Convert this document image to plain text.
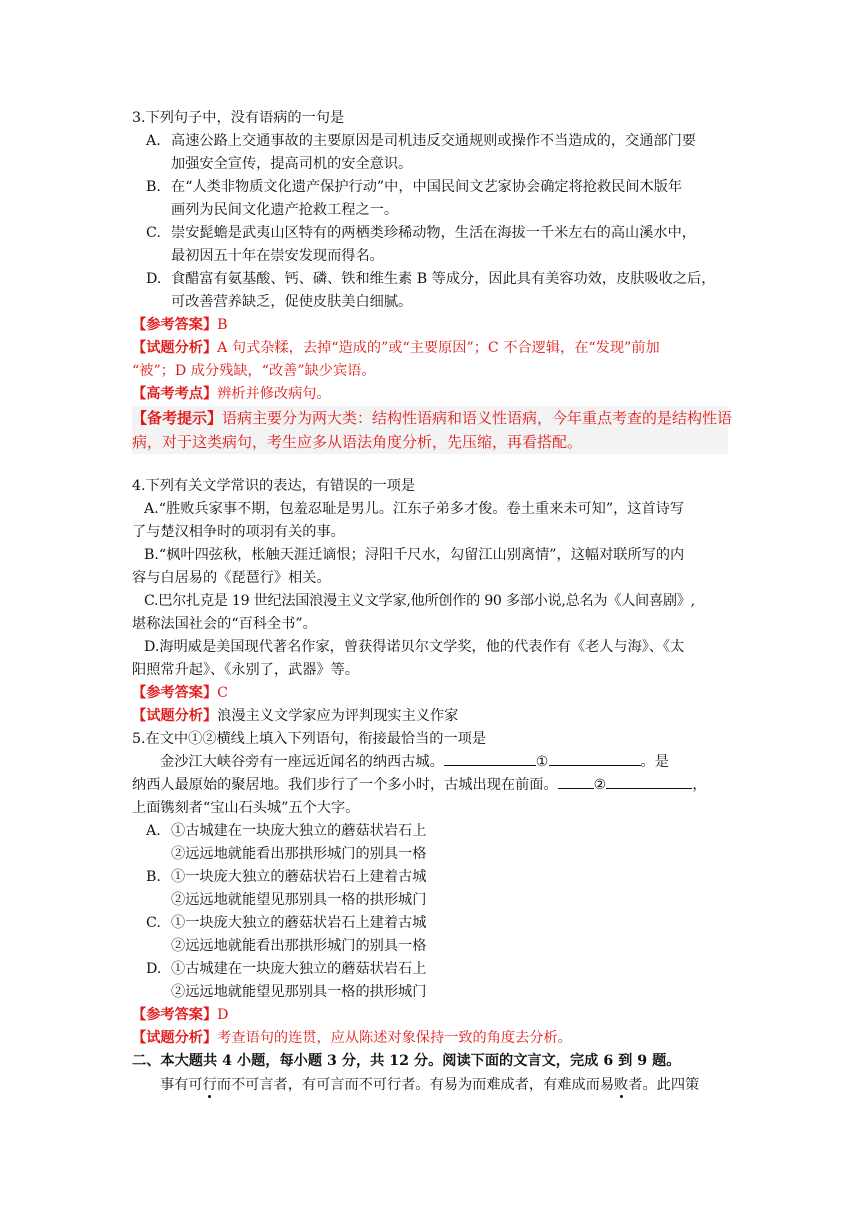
3.下列句子中，没有语病的一句是
A. 高速公路上交通事故的主要原因是司机违反交通规则或操作不当造成的，交通部门要
加强安全宣传，提高司机的安全意识。
B. 在“人类非物质文化遗产保护行动”中，中国民间文艺家协会确定将抢救民间木版年
画列为民间文化遗产抢救工程之一。
C. 崇安髭蟾是武夷山区特有的两栖类珍稀动物，生活在海拔一千米左右的高山溪水中，
最初因五十年在崇安发现而得名。
D. 食醋富有氨基酸、钙、磷、铁和维生素 B 等成分，因此具有美容功效，皮肤吸收之后，
可改善营养缺乏，促使皮肤美白细腻。
【参考答案】B
【试题分析】A 句式杂糅，去掉“造成的”或“主要原因”；C 不合逻辑，在“发现”前加
“被”；D 成分残缺，“改善”缺少宾语。
【高考考点】辨析并修改病句。
【备考提示】语病主要分为两大类：结构性语病和语义性语病，今年重点考查的是结构性语
病，对于这类病句，考生应多从语法角度分析，先压缩，再看搭配。
4.下列有关文学常识的表达，有错误的一项是
A.“胜败兵家事不期，包羞忍耻是男儿。江东子弟多才俊。卷土重来未可知”，这首诗写
了与楚汉相争时的项羽有关的事。
B.“枫叶四弦秋，枨触天涯迁谪恨；浔阳千尺水，勾留江山别离情”，这幅对联所写的内
容与白居易的《琵琶行》相关。
C.巴尔扎克是 19 世纪法国浪漫主义文学家,他所创作的 90 多部小说,总名为《人间喜剧》,
堪称法国社会的“百科全书”。
D.海明威是美国现代著名作家，曾获得诺贝尔文学奖，他的代表作有《老人与海》、《太
阳照常升起》、《永别了，武器》等。
【参考答案】C
【试题分析】浪漫主义文学家应为评判现实主义作家
5.在文中①②横线上填入下列语句，衔接最恰当的一项是
金沙江大峡谷旁有一座远近闻名的纳西古城。	①	。是
纳西人最原始的聚居地。我们步行了一个多小时，古城出现在前面。	②	，
上面镌刻者“宝山石头城”五个大字。
A. ①古城建在一块庞大独立的蘑菇状岩石上
②远远地就能看出那拱形城门的别具一格
B. ①一块庞大独立的蘑菇状岩石上建着古城
②远远地就能望见那别具一格的拱形城门
C. ①一块庞大独立的蘑菇状岩石上建着古城
②远远地就能看出那拱形城门的别具一格
D. ①古城建在一块庞大独立的蘑菇状岩石上
②远远地就能望见那别具一格的拱形城门
【参考答案】D
【试题分析】考查语句的连贯，应从陈述对象保持一致的角度去分析。
二、本大题共 4 小题，每小题 3 分，共 12 分。阅读下面的文言文，完成 6 到 9 题。
事有可行而不可言者，有可言而不可行者。有易为而难成者，有难成而易败者。此四策
